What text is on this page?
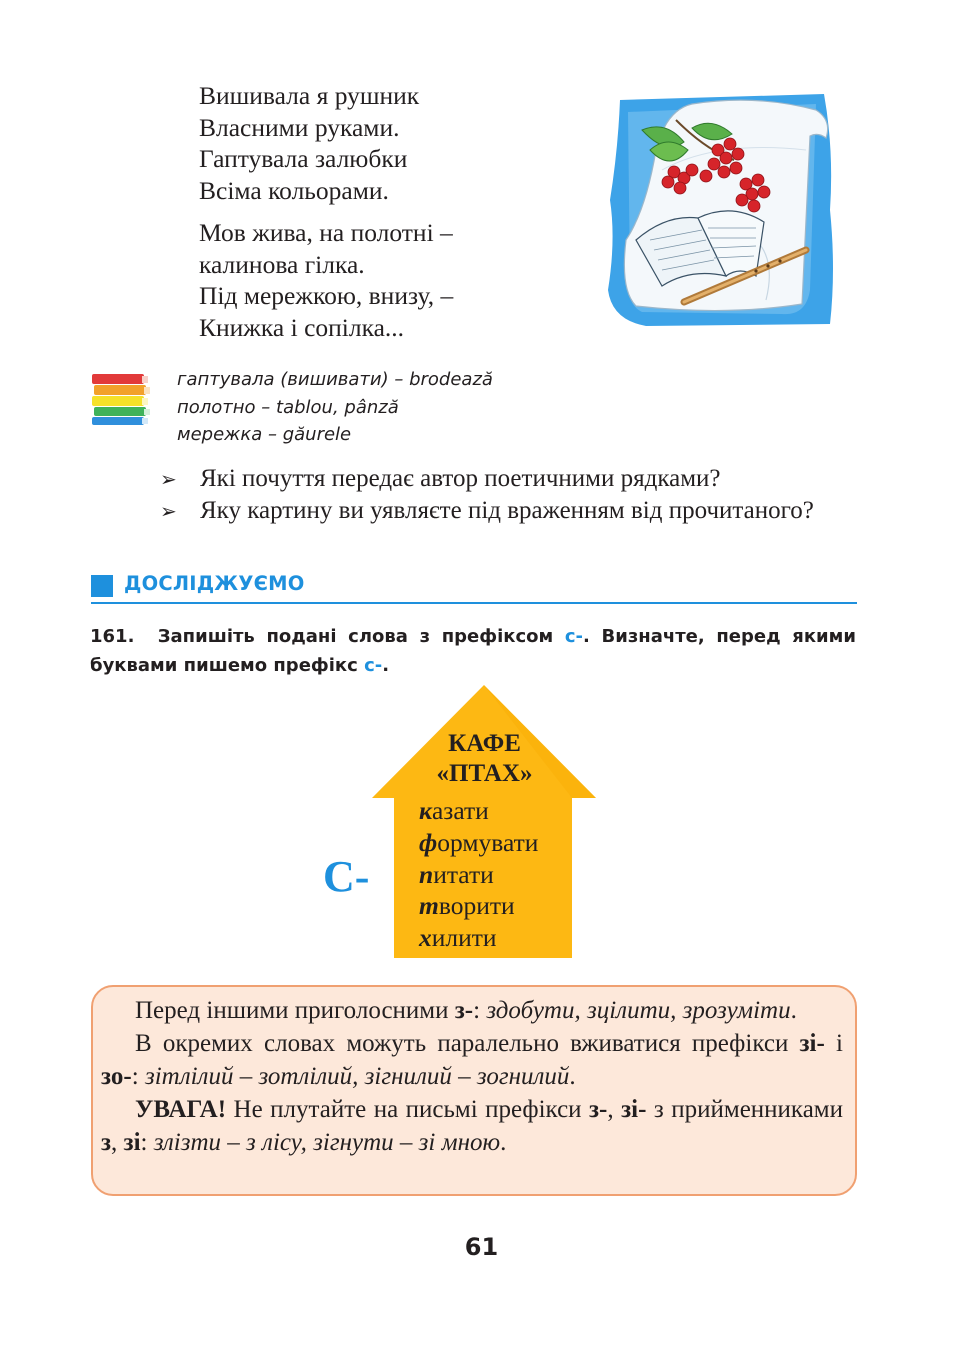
Вишивала я рушник
Власними руками.
Гаптувала залюбки
Всіма кольорами.
Мов жива, на полотні –
калинова гілка.
Під мережкою, внизу, –
Книжка і сопілка...
гаптувала (вишивати) – brodează
полотно – tablou, pânză
мережка – găurele
➢ Які почуття передає автор поетичними рядками?
➢ Яку картину ви уявляєте під враженням від прочитаного?
ДОСЛІДЖУЄМО
161. Запишіть подані слова з префіксом с-. Визначте, перед якими буквами пишемо префікс с-.
КАФЕ
«ПТАХ»
казати
формувати
питати
творити
хилити
С-

Перед іншими приголосними з-: здобути, зцілити, зрозуміти.

В окремих словах можуть паралельно вживатися префікси зі- і зо-: зітлілий – зотлілий, зігнилий – зогнилий.

УВАГА! Не плутайте на письмі префікси з-, зі- з прийменниками з, зі: злізти – з лісу, зігнути – зі мною.

61
